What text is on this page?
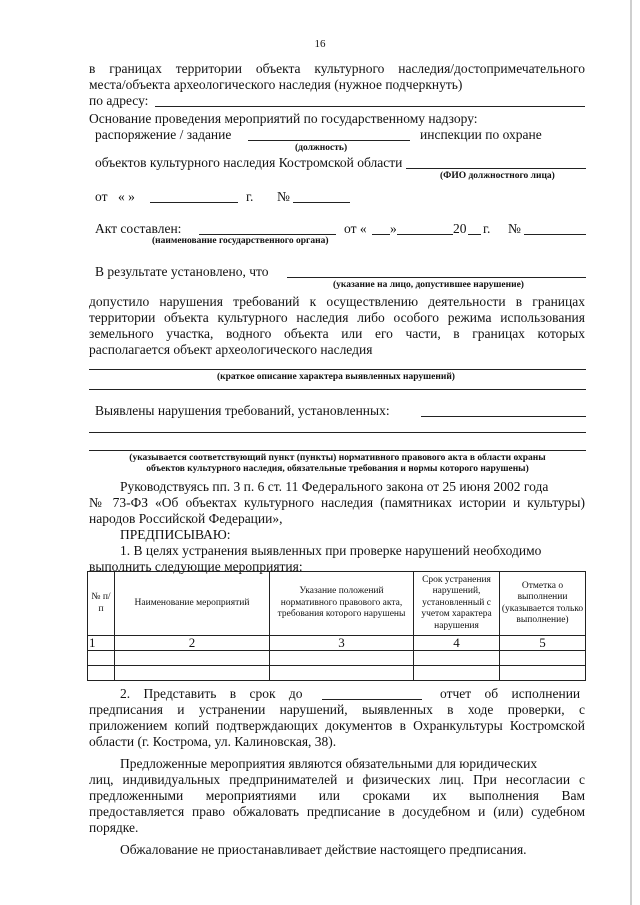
16
в границах территории объекта культурного наследия/достопримечательного
места/объекта археологического наследия (нужное подчеркнуть)
по адресу:
Основание проведения мероприятий по государственному надзору:
распоряжение / задание	инспекции по охране
(должность)
объектов культурного наследия Костромской области
(ФИО должностного лица)
от « »	г. №
Акт составлен:	от « »	20 г. №
(наименование государственного органа)
В результате установлено, что
(указание на лицо, допустившее нарушение)
допустило нарушения требований к осуществлению деятельности в границах
территории объекта культурного наследия либо особого режима использования
земельного участка, водного объекта или его части, в границах которых
располагается объект археологического наследия
(краткое описание характера выявленных нарушений)
Выявлены нарушения требований, установленных:
(указывается соответствующий пункт (пункты) нормативного правового акта в области охраны
объектов культурного наследия, обязательные требования и нормы которого нарушены)
Руководствуясь пп. 3 п. 6 ст. 11 Федерального закона от 25 июня 2002 года
№ 73-ФЗ «Об объектах культурного наследия (памятниках истории и культуры)
народов Российской Федерации»,
ПРЕДПИСЫВАЮ:
1. В целях устранения выявленных при проверке нарушений необходимо
выполнить следующие мероприятия:
№ п/п	Наименование мероприятий	Указание положений нормативного правового акта, требования которого нарушены	Срок устранения нарушений, установленный с учетом характера нарушения	Отметка о выполнении (указывается только выполнение)
1	2	3	4	5

2. Представить в срок до	отчет об исполнении
предписания и устранении нарушений, выявленных в ходе проверки, с
приложением копий подтверждающих документов в Охранкультуры Костромской
области (г. Кострома, ул. Калиновская, 38).
Предложенные мероприятия являются обязательными для юридических
лиц, индивидуальных предпринимателей и физических лиц. При несогласии с
предложенными мероприятиями или сроками их выполнения Вам
предоставляется право обжаловать предписание в досудебном и (или) судебном
порядке.
Обжалование не приостанавливает действие настоящего предписания.
